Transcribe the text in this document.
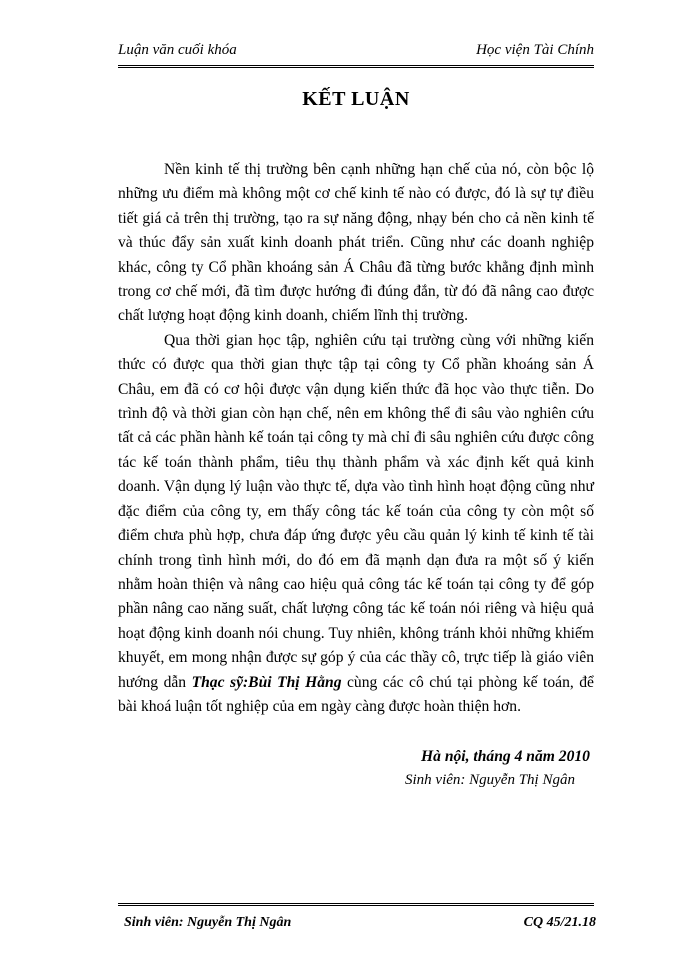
Luận văn cuối khóa	Học viện Tài Chính
KẾT LUẬN

Nền kinh tế thị trường bên cạnh những hạn chế của nó, còn bộc lộ những ưu điểm mà không một cơ chế kinh tế nào có được, đó là sự tự điều tiết giá cả trên thị trường, tạo ra sự năng động, nhạy bén cho cả nền kinh tế và thúc đẩy sản xuất kinh doanh phát triển. Cũng như các doanh nghiệp khác, công ty Cổ phần khoáng sản Á Châu đã từng bước khẳng định mình trong cơ chế mới, đã tìm được hướng đi đúng đắn, từ đó đã nâng cao được chất lượng hoạt động kinh doanh, chiếm lĩnh thị trường.

Qua thời gian học tập, nghiên cứu tại trường cùng với những kiến thức có được qua thời gian thực tập tại công ty Cổ phần khoáng sản Á Châu, em đã có cơ hội được vận dụng kiến thức đã học vào thực tiễn. Do trình độ và thời gian còn hạn chế, nên em không thể đi sâu vào nghiên cứu tất cả các phần hành kế toán tại công ty mà chỉ đi sâu nghiên cứu được công tác kế toán thành phẩm, tiêu thụ thành phẩm và xác định kết quả kinh doanh. Vận dụng lý luận vào thực tế, dựa vào tình hình hoạt động cũng như đặc điểm của công ty, em thấy công tác kế toán của công ty còn một số điểm chưa phù hợp, chưa đáp ứng được yêu cầu quản lý kinh tế kinh tế tài chính trong tình hình mới, do đó em đã mạnh dạn đưa ra một số ý kiến nhằm hoàn thiện và nâng cao hiệu quả công tác kế toán tại công ty để góp phần nâng cao năng suất, chất lượng công tác kế toán nói riêng và hiệu quả hoạt động kinh doanh nói chung. Tuy nhiên, không tránh khỏi những khiếm khuyết, em mong nhận được sự góp ý của các thầy cô, trực tiếp là giáo viên hướng dẫn Thạc sỹ:Bùi Thị Hằng cùng các cô chú tại phòng kế toán, để bài khoá luận tốt nghiệp của em ngày càng được hoàn thiện hơn.

Hà nội, tháng 4 năm 2010
Sinh viên: Nguyễn Thị Ngân
Sinh viên: Nguyễn Thị Ngân	CQ 45/21.18
